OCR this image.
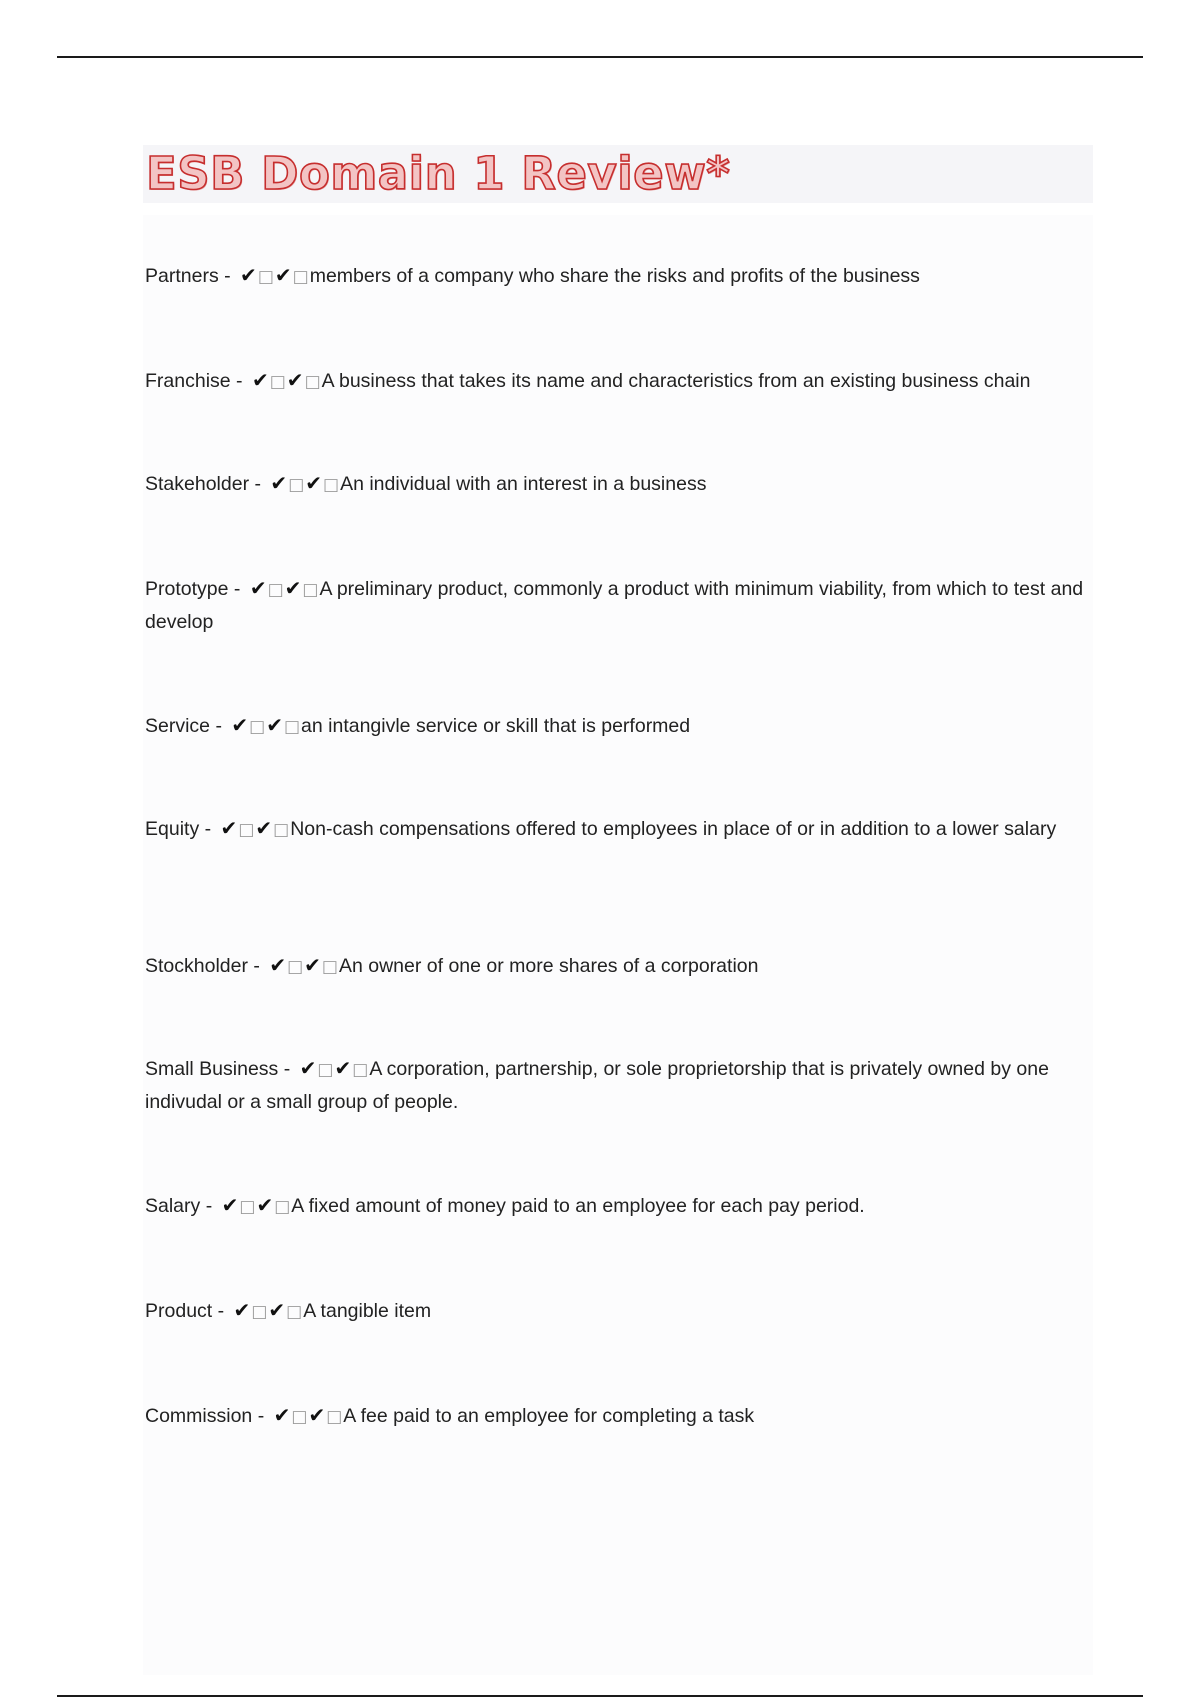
ESB Domain 1 Review*
Partners - ✔□✔□members of a company who share the risks and profits of the business
Franchise - ✔□✔□A business that takes its name and characteristics from an existing business chain
Stakeholder - ✔□✔□An individual with an interest in a business
Prototype - ✔□✔□A preliminary product, commonly a product with minimum viability, from which to test and develop
Service - ✔□✔□an intangivle service or skill that is performed
Equity - ✔□✔□Non-cash compensations offered to employees in place of or in addition to a lower salary
Stockholder - ✔□✔□An owner of one or more shares of a corporation
Small Business - ✔□✔□A corporation, partnership, or sole proprietorship that is privately owned by one indivudal or a small group of people.
Salary - ✔□✔□A fixed amount of money paid to an employee for each pay period.
Product - ✔□✔□A tangible item
Commission - ✔□✔□A fee paid to an employee for completing a task
